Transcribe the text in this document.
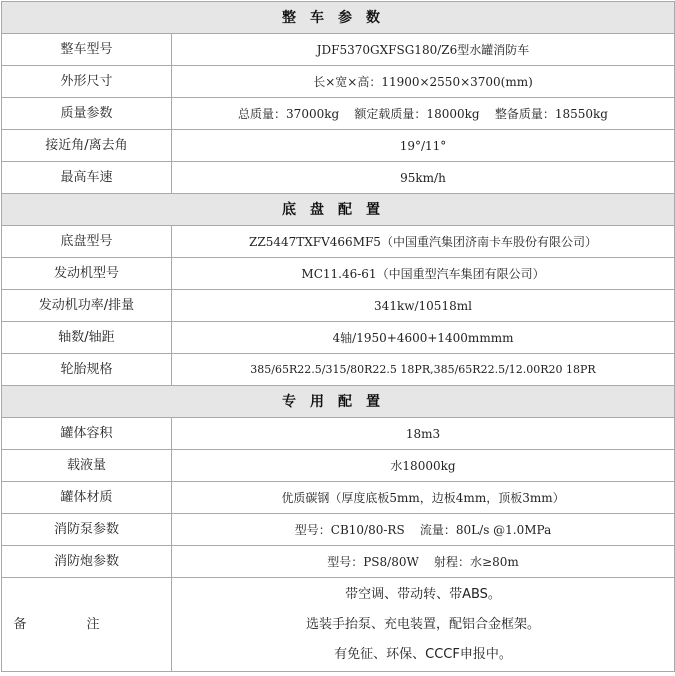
整车参数	
整车型号	JDF5370GXFSG180/Z6型水罐消防车
外形尺寸	长×宽×高：11900×2550×3700(mm)
质量参数	总质量：37000kg    额定载质量：18000kg    整备质量：18550kg
接近角/离去角	19°/11°
最高车速	95km/h
底盘配置	
底盘型号	ZZ5447TXFV466MF5（中国重汽集团济南卡车股份有限公司）
发动机型号	MC11.46-61（中国重型汽车集团有限公司）
发动机功率/排量	341kw/10518ml
轴数/轴距	4轴/1950+4600+1400mmmm
轮胎规格	385/65R22.5/315/80R22.5 18PR,385/65R22.5/12.00R20 18PR
专用配置	
罐体容积	18m3
载液量	水18000kg
罐体材质	优质碳钢（厚度底板5mm，边板4mm，顶板3mm）
消防泵参数	型号：CB10/80-RS    流量：80L/s @1.0MPa
消防炮参数	型号：PS8/80W    射程：水≥80m
备注	带空调、带动转、带ABS。
选装手抬泵、充电装置，配铝合金框架。
有免征、环保、CCCF申报中。
